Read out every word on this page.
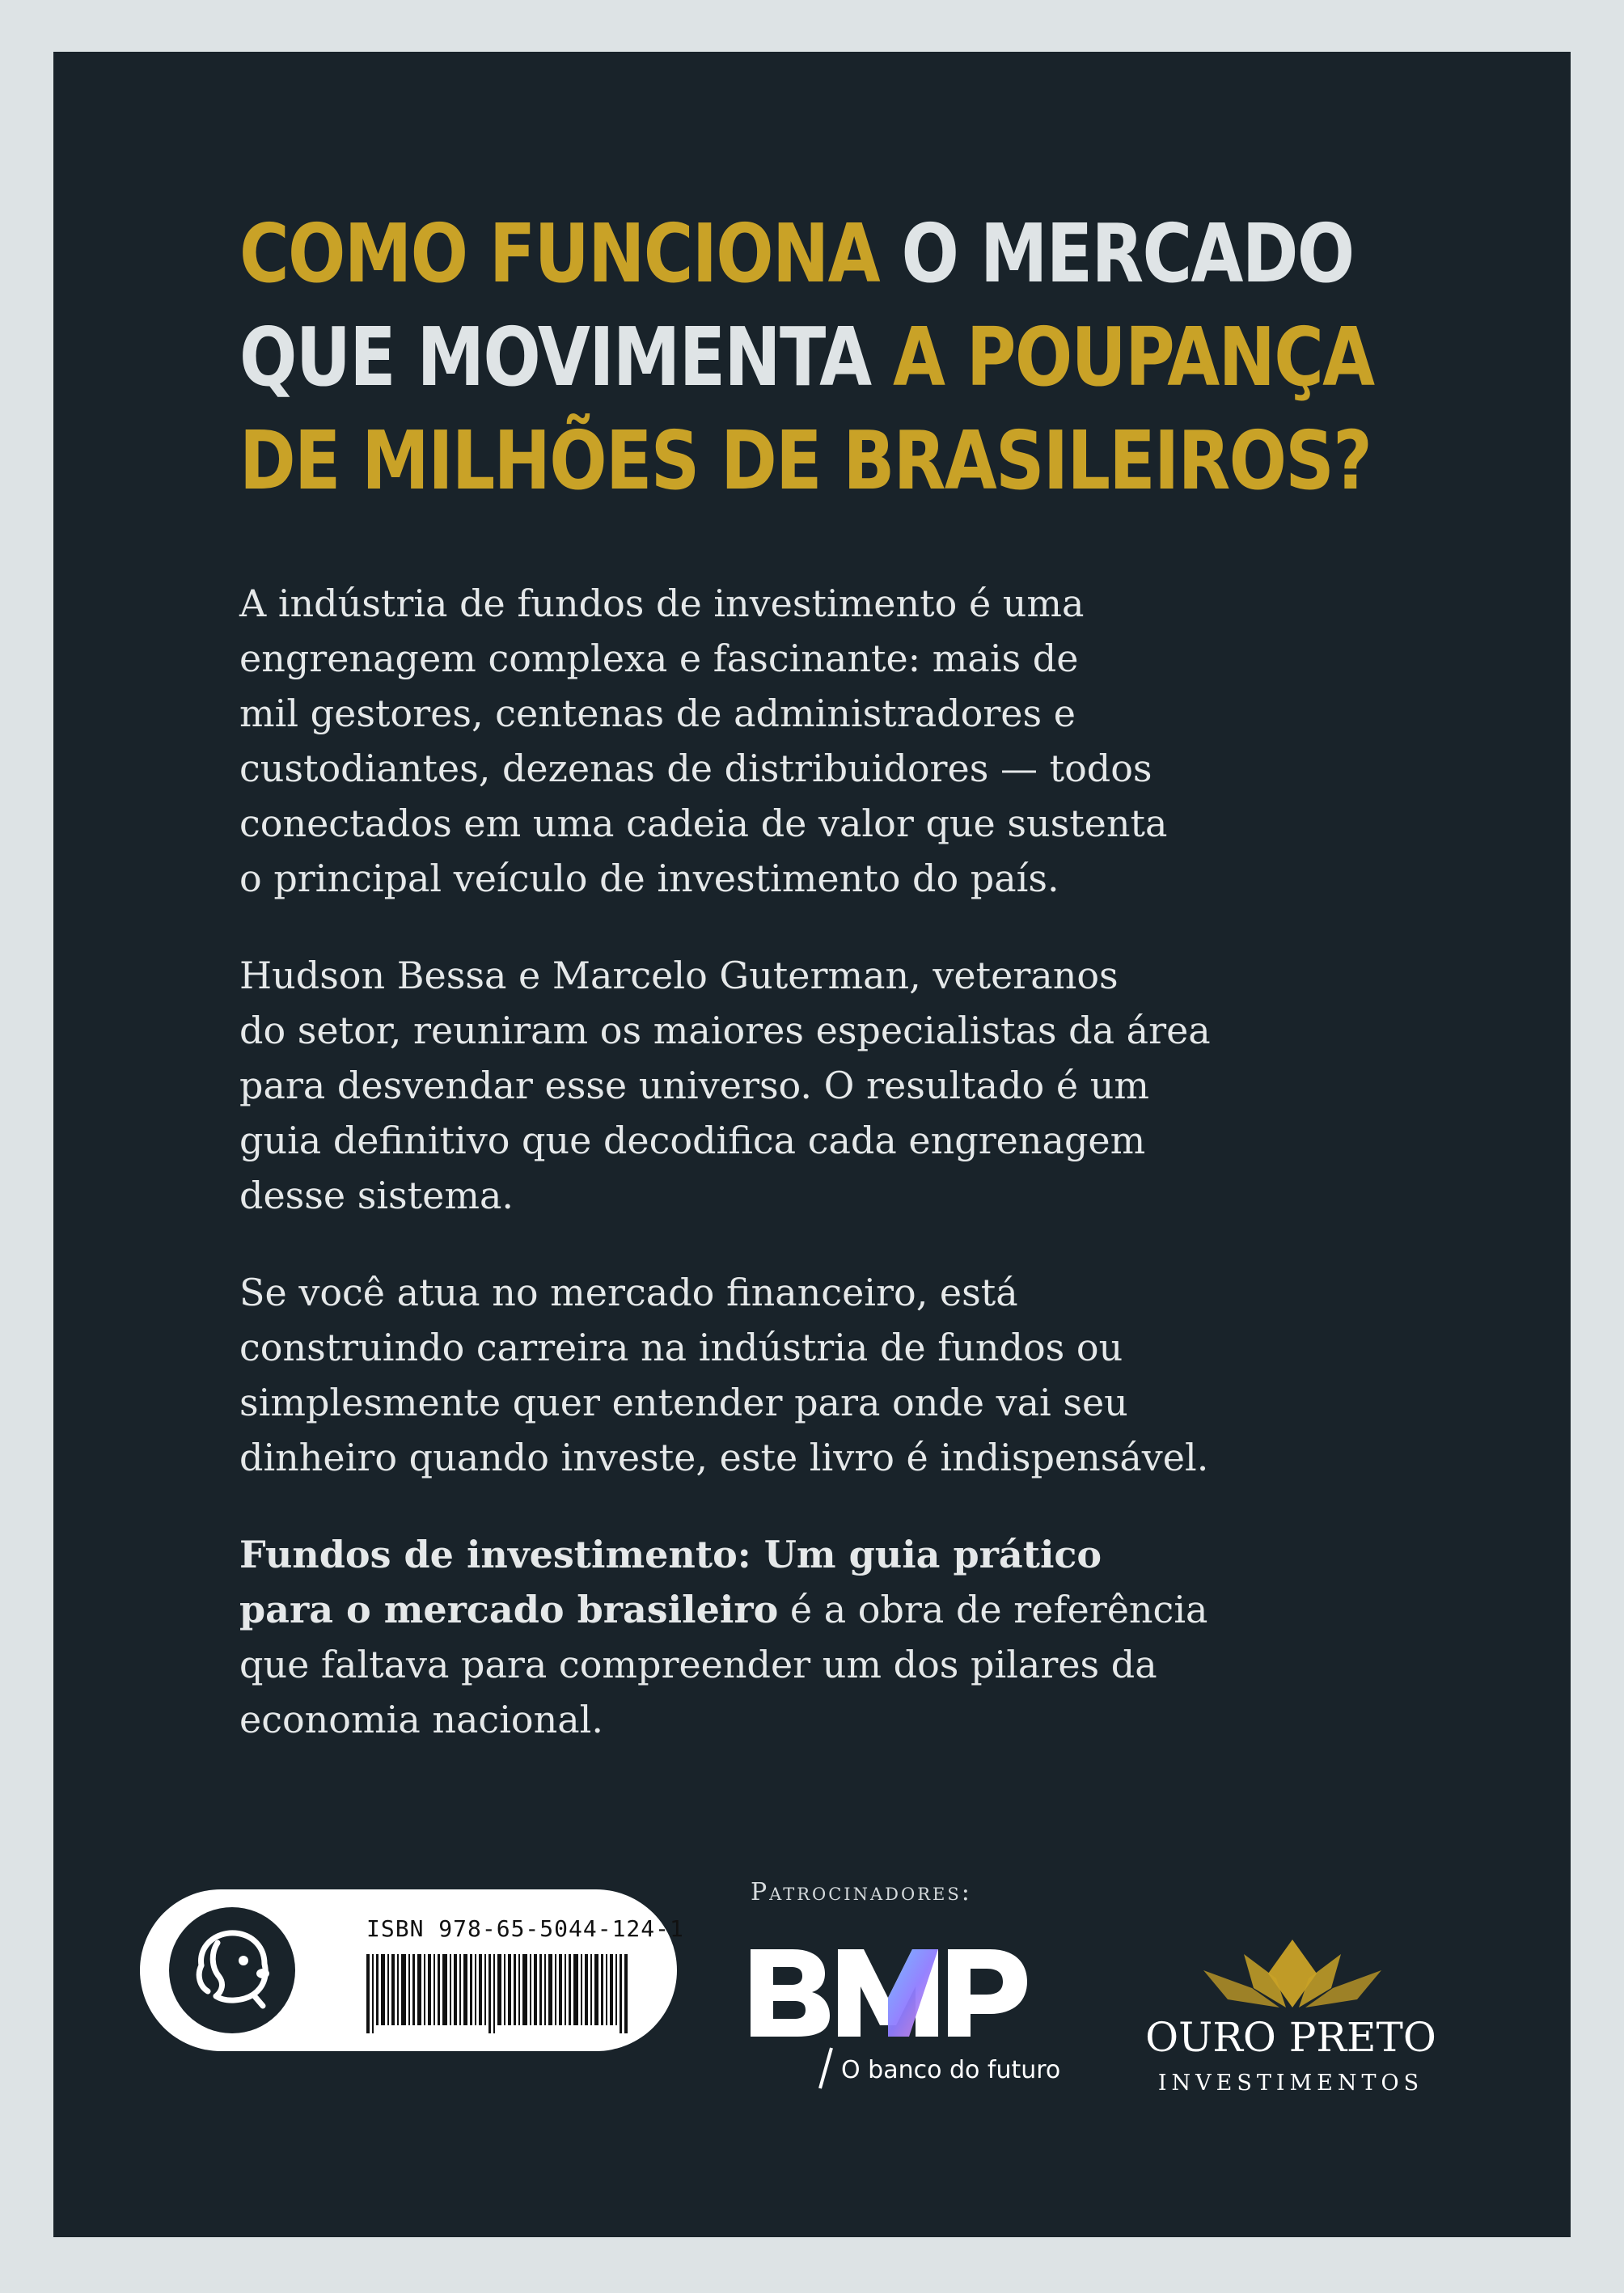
COMO FUNCIONA O MERCADO
QUE MOVIMENTA A POUPANÇA
DE MILHÕES DE BRASILEIROS?

A indústria de fundos de investimento é uma
engrenagem complexa e fascinante: mais de
mil gestores, centenas de administradores e
custodiantes, dezenas de distribuidores — todos
conectados em uma cadeia de valor que sustenta
o principal veículo de investimento do país.

Hudson Bessa e Marcelo Guterman, veteranos
do setor, reuniram os maiores especialistas da área
para desvendar esse universo. O resultado é um
guia definitivo que decodifica cada engrenagem
desse sistema.

Se você atua no mercado financeiro, está
construindo carreira na indústria de fundos ou
simplesmente quer entender para onde vai seu
dinheiro quando investe, este livro é indispensável.

Fundos de investimento: Um guia prático
para o mercado brasileiro é a obra de referência
que faltava para compreender um dos pilares da
economia nacional.

ISBN 978-65-5044-124-1
Patrocinadores:
O banco do futuro
OURO PRETO
INVESTIMENTOS
